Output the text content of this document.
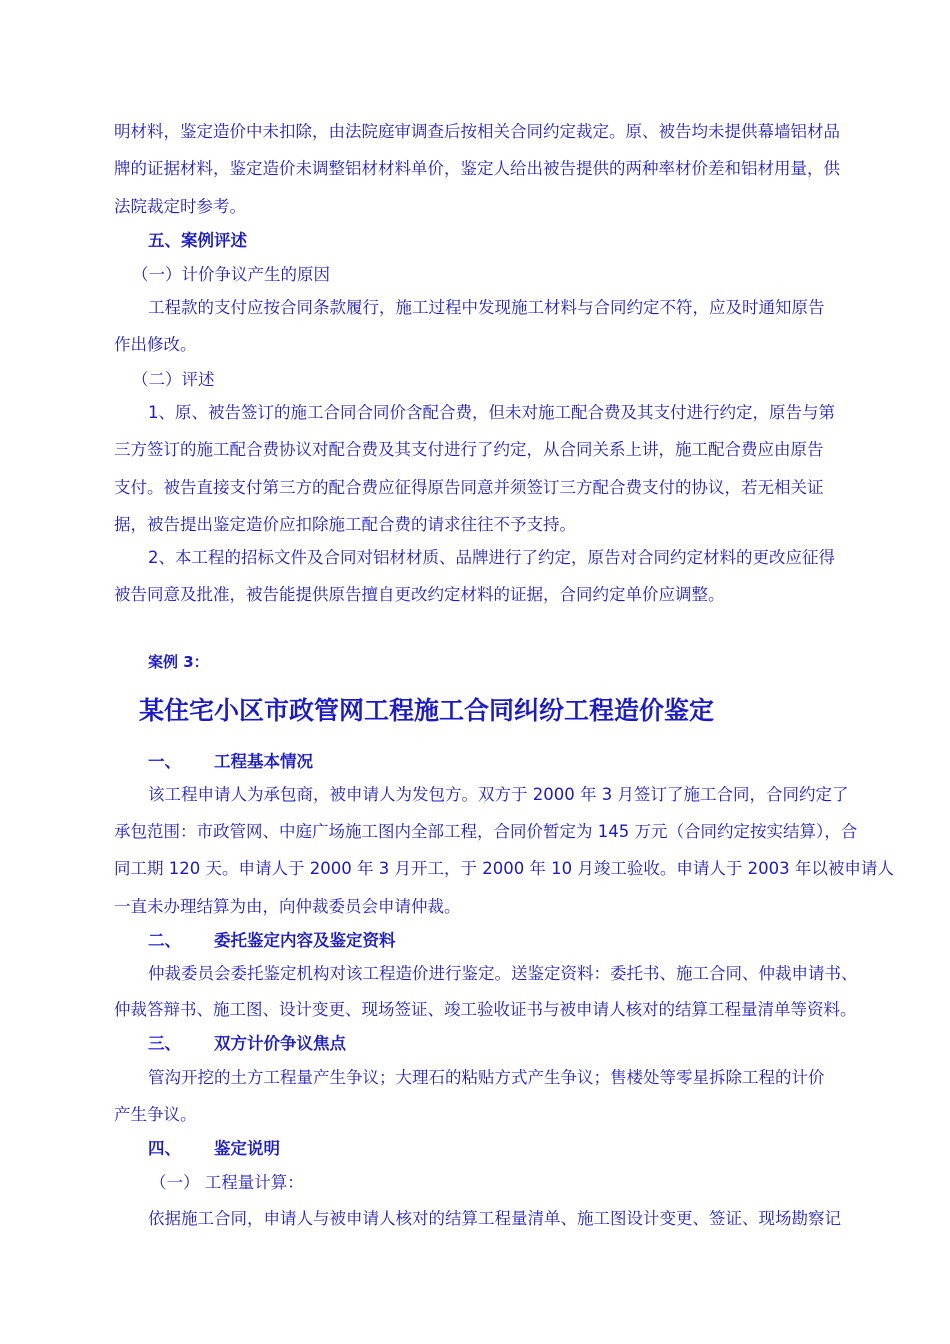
明材料，鉴定造价中未扣除，由法院庭审调查后按相关合同约定裁定。原、被告均未提供幕墙铝材品
牌的证据材料，鉴定造价未调整铝材材料单价，鉴定人给出被告提供的两种率材价差和铝材用量，供
法院裁定时参考。
五、案例评述
（一）计价争议产生的原因
工程款的支付应按合同条款履行，施工过程中发现施工材料与合同约定不符，应及时通知原告
作出修改。
（二）评述
1、原、被告签订的施工合同合同价含配合费，但未对施工配合费及其支付进行约定，原告与第
三方签订的施工配合费协议对配合费及其支付进行了约定，从合同关系上讲，施工配合费应由原告
支付。被告直接支付第三方的配合费应征得原告同意并须签订三方配合费支付的协议，若无相关证
据，被告提出鉴定造价应扣除施工配合费的请求往往不予支持。
2、本工程的招标文件及合同对铝材材质、品牌进行了约定，原告对合同约定材料的更改应征得
被告同意及批准，被告能提供原告擅自更改约定材料的证据，合同约定单价应调整。
案例 3：
某住宅小区市政管网工程施工合同纠纷工程造价鉴定
一、 工程基本情况
该工程申请人为承包商，被申请人为发包方。双方于 2000 年 3 月签订了施工合同，合同约定了
承包范围：市政管网、中庭广场施工图内全部工程，合同价暂定为 145 万元（合同约定按实结算），合
同工期 120 天。申请人于 2000 年 3 月开工，于 2000 年 10 月竣工验收。申请人于 2003 年以被申请人
一直未办理结算为由，向仲裁委员会申请仲裁。
二、 委托鉴定内容及鉴定资料
仲裁委员会委托鉴定机构对该工程造价进行鉴定。送鉴定资料：委托书、施工合同、仲裁申请书、
仲裁答辩书、施工图、设计变更、现场签证、竣工验收证书与被申请人核对的结算工程量清单等资料。
三、 双方计价争议焦点
管沟开挖的土方工程量产生争议；大理石的粘贴方式产生争议；售楼处等零星拆除工程的计价
产生争议。
四、 鉴定说明
（一） 工程量计算：
依据施工合同，申请人与被申请人核对的结算工程量清单、施工图设计变更、签证、现场勘察记
